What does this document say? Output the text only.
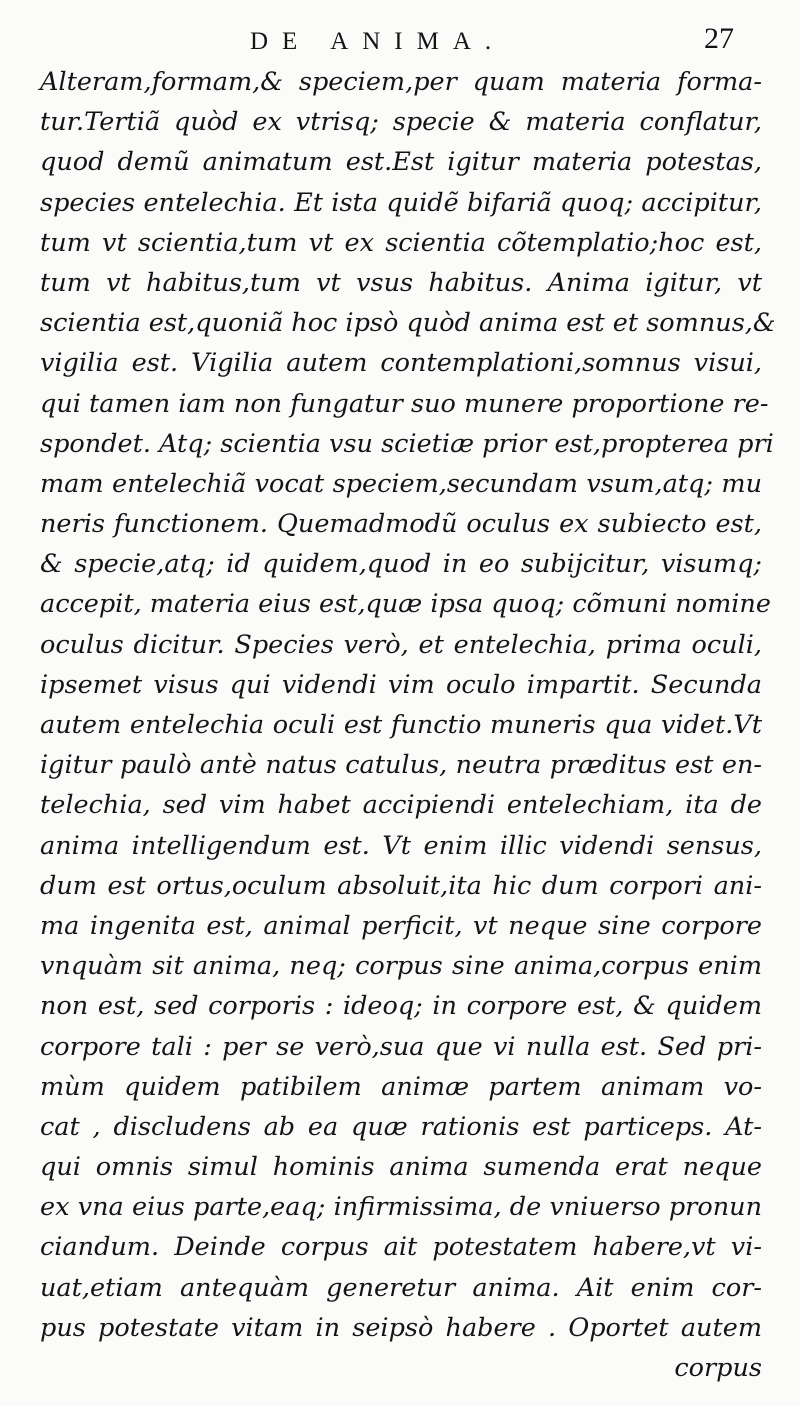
DE ANIMA.	27
Alteram,formam,& speciem,per quam materia forma-
tur.Tertiã quòd ex vtrisq; specie & materia conflatur,
quod demũ animatum est.Est igitur materia potestas,
species entelechia. Et ista quidẽ bifariã quoq; accipitur,
tum vt scientia,tum vt ex scientia cõtemplatio;hoc est,
tum vt habitus,tum vt vsus habitus. Anima igitur, vt
scientia est,quoniã hoc ipsò quòd anima est et somnus,&
vigilia est. Vigilia autem contemplationi,somnus visui,
qui tamen iam non fungatur suo munere proportione re-
spondet. Atq; scientia vsu scietiæ prior est,propterea pri
mam entelechiã vocat speciem,secundam vsum,atq; mu
neris functionem. Quemadmodũ oculus ex subiecto est,
& specie,atq; id quidem,quod in eo subijcitur, visumq;
accepit, materia eius est,quæ ipsa quoq; cõmuni nomine
oculus dicitur. Species verò, et entelechia, prima oculi,
ipsemet visus qui videndi vim oculo impartit. Secunda
autem entelechia oculi est functio muneris qua videt.Vt
igitur paulò antè natus catulus, neutra præditus est en-
telechia, sed vim habet accipiendi entelechiam, ita de
anima intelligendum est. Vt enim illic videndi sensus,
dum est ortus,oculum absoluit,ita hic dum corpori ani-
ma ingenita est, animal perficit, vt neque sine corpore
vnquàm sit anima, neq; corpus sine anima,corpus enim
non est, sed corporis : ideoq; in corpore est, & quidem
corpore tali : per se verò,sua que vi nulla est. Sed pri-
mùm quidem patibilem animæ partem animam vo-
cat , discludens ab ea quæ rationis est particeps. At-
qui omnis simul hominis anima sumenda erat neque
ex vna eius parte,eaq; infirmissima, de vniuerso pronun
ciandum. Deinde corpus ait potestatem habere,vt vi-
uat,etiam antequàm generetur anima. Ait enim cor-
pus potestate vitam in seipsò habere . Oportet autem
corpus
